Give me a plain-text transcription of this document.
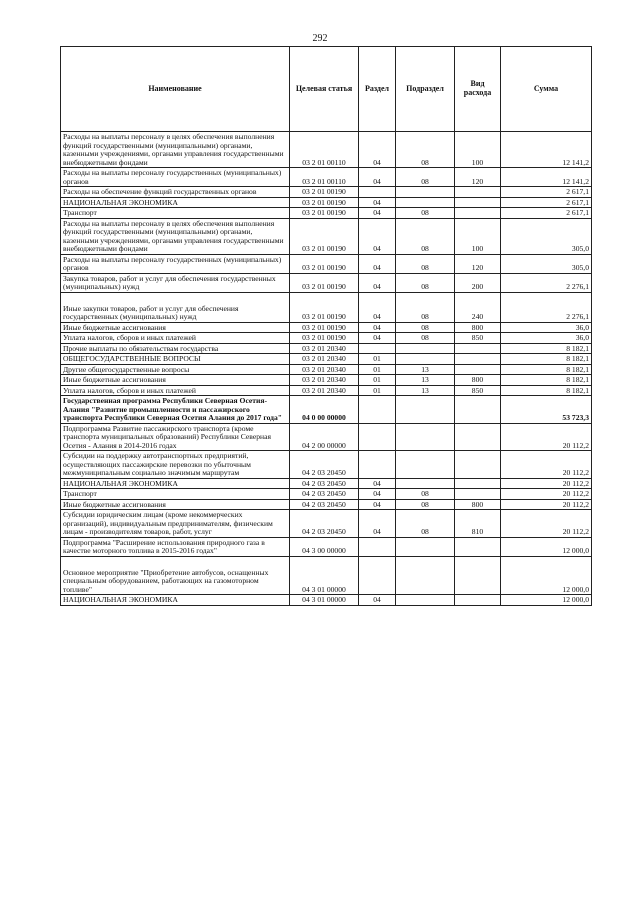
292
Наименование	Целевая статья	Раздел	Подраздел	Вид расхода	Сумма
Расходы на выплаты персоналу в целях обеспечения выполнения функций государственными (муниципальными) органами, казенными учреждениями, органами управления государственными внебюджетными фондами	03 2 01 00110	04	08	100	12 141,2
Расходы на выплаты персоналу государственных (муниципальных) органов	03 2 01 00110	04	08	120	12 141,2
Расходы на обеспечение функций государственных органов	03 2 01 00190				2 617,1
НАЦИОНАЛЬНАЯ ЭКОНОМИКА	03 2 01 00190	04			2 617,1
Транспорт	03 2 01 00190	04	08		2 617,1
Расходы на выплаты персоналу в целях обеспечения выполнения функций государственными (муниципальными) органами, казенными учреждениями, органами управления государственными внебюджетными фондами	03 2 01 00190	04	08	100	305,0
Расходы на выплаты персоналу государственных (муниципальных) органов	03 2 01 00190	04	08	120	305,0
Закупка товаров, работ и услуг для обеспечения государственных (муниципальных) нужд	03 2 01 00190	04	08	200	2 276,1
Иные закупки товаров, работ и услуг для обеспечения государственных (муниципальных) нужд	03 2 01 00190	04	08	240	2 276,1
Иные бюджетные ассигнования	03 2 01 00190	04	08	800	36,0
Уплата налогов, сборов и иных платежей	03 2 01 00190	04	08	850	36,0
Прочие выплаты по обязательствам государства	03 2 01 20340				8 182,1
ОБЩЕГОСУДАРСТВЕННЫЕ ВОПРОСЫ	03 2 01 20340	01			8 182,1
Другие общегосударственные вопросы	03 2 01 20340	01	13		8 182,1
Иные бюджетные ассигнования	03 2 01 20340	01	13	800	8 182,1
Уплата налогов, сборов и иных платежей	03 2 01 20340	01	13	850	8 182,1
Государственная программа Республики Северная Осетия-Алания "Развитие промышленности и пассажирского транспорта Республики Северная Осетия Алания до 2017 года"	04 0 00 00000				53 723,3
Подпрограмма Развитие пассажирского транспорта (кроме транспорта муниципальных образований) Республики Северная Осетия - Алания в 2014-2016 годах	04 2 00 00000				20 112,2
Субсидии на поддержку автотранспортных предприятий, осуществляющих пассажирские перевозки по убыточным межмуниципальным социально значимым маршрутам	04 2 03 20450				20 112,2
НАЦИОНАЛЬНАЯ ЭКОНОМИКА	04 2 03 20450	04			20 112,2
Транспорт	04 2 03 20450	04	08		20 112,2
Иные бюджетные ассигнования	04 2 03 20450	04	08	800	20 112,2
Субсидии юридическим лицам (кроме некоммерческих организаций), индивидуальным предпринимателям, физическим лицам - производителям товаров, работ, услуг	04 2 03 20450	04	08	810	20 112,2
Подпрограмма "Расширение использования природного газа в качестве моторного топлива в 2015-2016 годах"	04 3 00 00000				12 000,0
Основное мероприятие "Приобретение автобусов, оснащенных специальным оборудованием, работающих на газомоторном топливе"	04 3 01 00000				12 000,0
НАЦИОНАЛЬНАЯ ЭКОНОМИКА	04 3 01 00000	04			12 000,0
